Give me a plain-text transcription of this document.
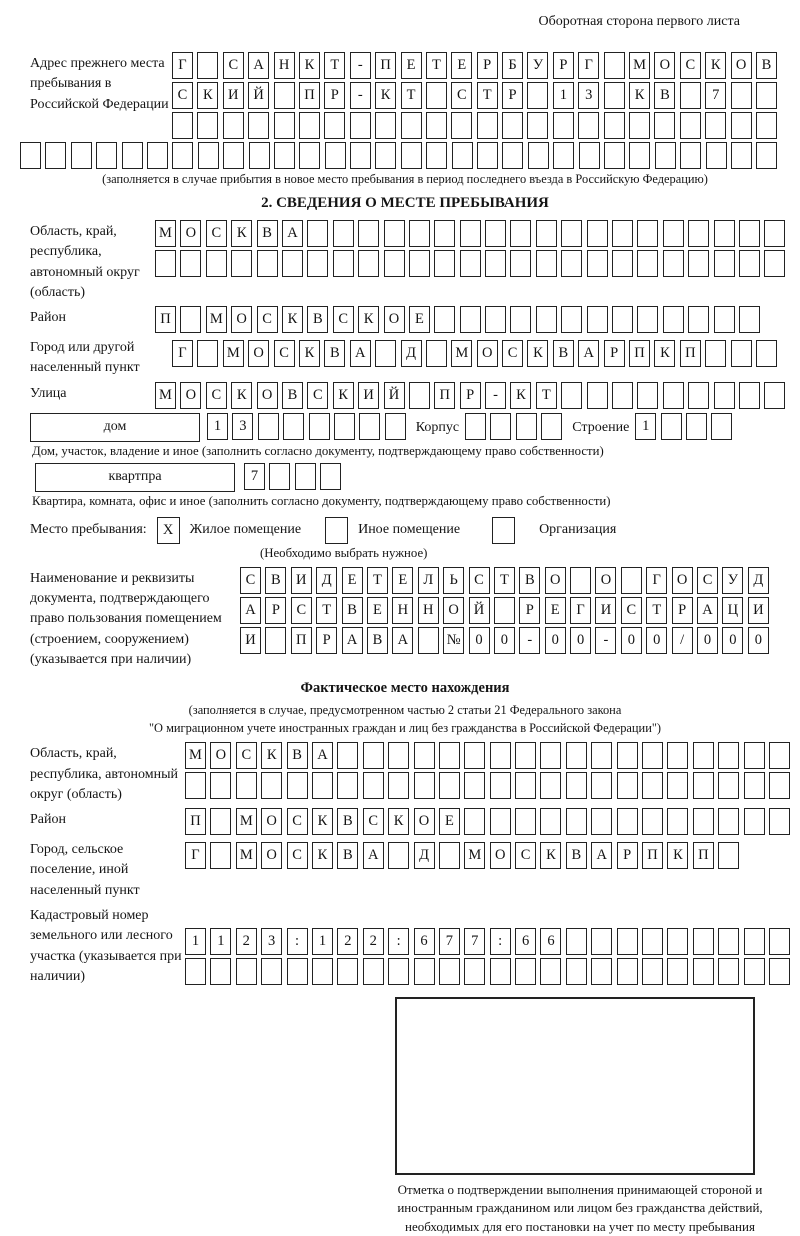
Оборотная сторона первого листа
Адрес прежнего места пребывания в Российской Федерации
Г	С	А	Н	К	Т	-	П	Е	Т	Е	Р	Б	У	Р	Г	М О	С	К	О	В
С	К	И	Й	П	Р	-	К	Т	С	Т	Р	1	3	К	В	7
(заполняется в случае прибытия в новое место пребывания в период последнего въезда в Российскую Федерацию)
2. СВЕДЕНИЯ О МЕСТЕ ПРЕБЫВАНИЯ
Область, край, республика, автономный округ (область)
М О	С	К	В	А
Район	П	М О	С	К	В	С	К	О	Е
Город или другой населенный пункт
Г	М О	С	К	В	А	Д	М О	С	К	В	А	Р	П	К	П
Улица	М О	С	К	О	В	С	К	И	Й	П	Р	-	К	Т
дом	1	3	Корпус	Строение 1
Дом, участок, владение и иное (заполнить согласно документу, подтверждающему право собственности)
квартпра	7
Квартира, комната, офис и иное (заполнить согласно документу, подтверждающему право собственности)
Место пребывания:	X	Жилое помещение	Иное помещение	Организация
(Необходимо выбрать нужное)
Наименование и реквизиты документа, подтверждающего право пользования помещением (строением, сооружением) (указывается при наличии)
С	В	И	Д	Е	Т	Е	Л	Ь	С	Т	В	О	О	Г	О	С	У	Д
А	Р	С	Т	В	Е	Н	Н	О	Й	Р	Е	Г	И	С	Т	Р	А	Ц	И
И	П	Р	А	В	А	№	0	0	-	0	0	-	0	0	/	0	0	0
Фактическое место нахождения
(заполняется в случае, предусмотренном частью 2 статьи 21 Федерального закона
"О миграционном учете иностранных граждан и лиц без гражданства в Российской Федерации")
Область, край, республика, автономный округ (область)
М О	С	К	В	А
Район	П	М О	С	К	В	С	К	О	Е
Город, сельское поселение, иной населенный пункт
Г	М О	С	К	В	А	Д	М О	С	К	В	А	Р	П	К	П
Кадастровый номер земельного или лесного участка (указывается при наличии)
1	1	2	3	:	1	2	2	:	6	7	7	:	6	6
Отметка о подтверждении выполнения принимающей стороной и иностранным гражданином или лицом без гражданства действий, необходимых для его постановки на учет по месту пребывания
